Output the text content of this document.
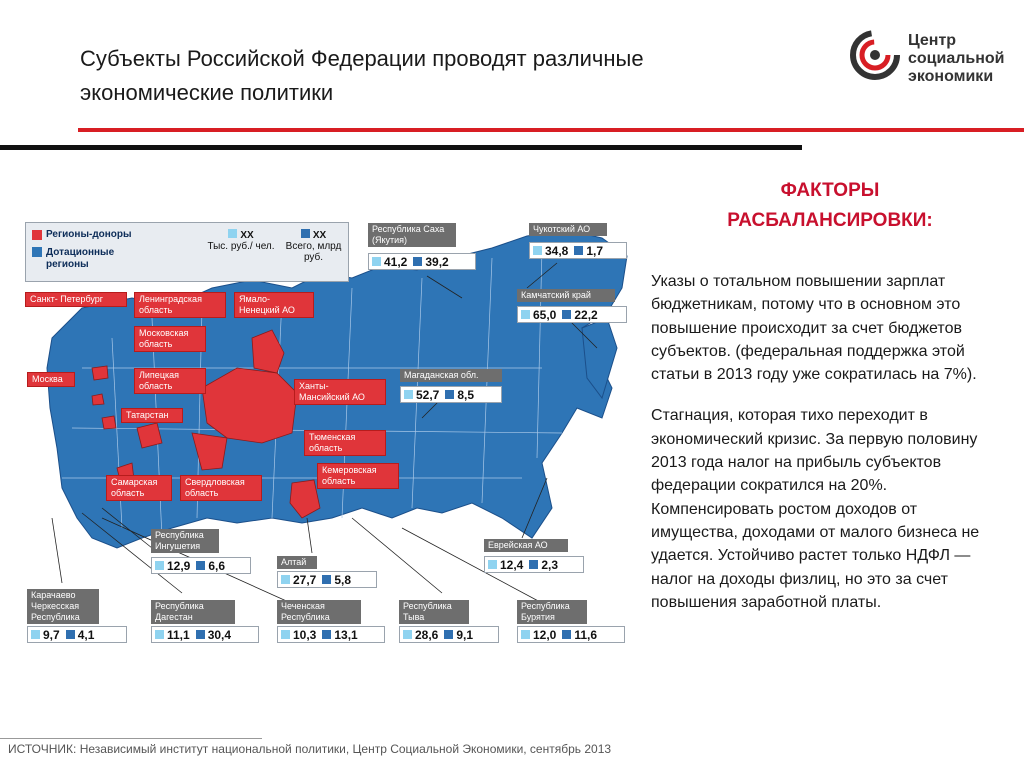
Субъекты Российской Федерации проводят различные экономические политики
Центр
социальной
экономики
Регионы-доноры
Дотационные регионы
XX
Тыс. руб./ чел.
XX
Всего, млрд руб.
Санкт- Петербург	Ленинградская область
Ямало- Ненецкий АО
Московская область
Москва	Липецкая область	Ханты- Мансийский АО
Татарстан
Тюменская область
Самарская область
Свердловская область
Кемеровская область
Республика Саха (Якутия)
41,2 39,2
Чукотский АО
34,8 1,7
Камчатский край
65,0 22,2
Магаданская обл.
52,7 8,5
Еврейская АО
12,4 2,3
Республика Ингушетия
12,9 6,6	Алтай
27,7 5,8
Карачаево Черкесская Республика
9,7 4,1
Республика Дагестан
11,1 30,4
Чеченская Республика
10,3 13,1
Республика Тыва
28,6 9,1
Республика Бурятия
12,0 11,6
ФАКТОРЫ
РАСБАЛАНСИРОВКИ:

Указы о тотальном повышении зарплат бюджетникам, потому что в основном это повышение происходит за счет бюджетов субъектов. (федеральная поддержка этой статьи в 2013 году уже сократилась на 7%).

Стагнация, которая тихо переходит в экономический кризис. За первую половину 2013 года налог на прибыль субъектов федерации сократился на 20%. Компенсировать ростом доходов от имущества, доходами от малого бизнеса не удается. Устойчиво растет только НДФЛ — налог на доходы физлиц, но это за счет повышения заработной платы.

ИСТОЧНИК: Независимый институт национальной политики, Центр Социальной Экономики, сентябрь 2013
